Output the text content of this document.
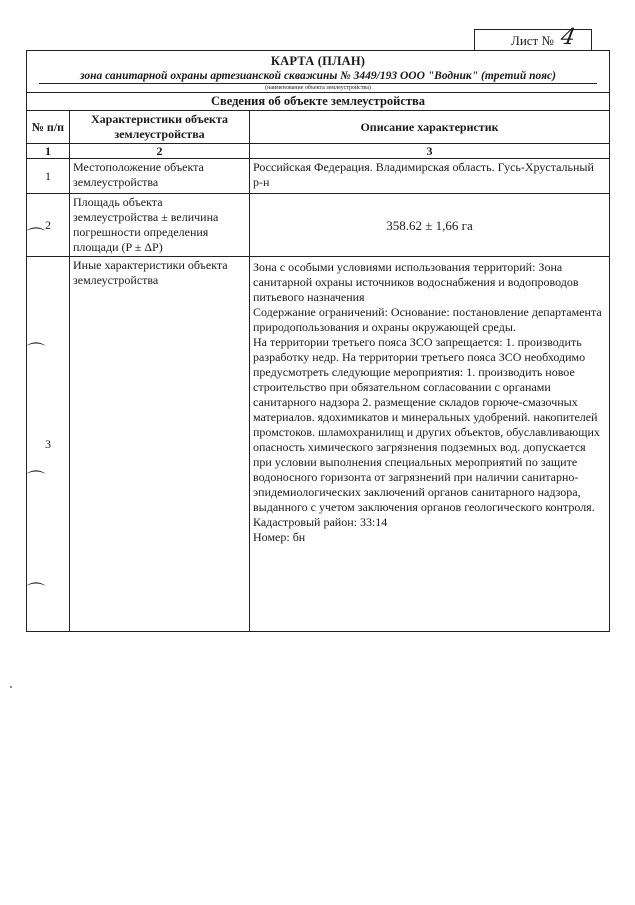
Лист № 4
КАРТА (ПЛАН)
зона санитарной охраны артезианской скважины № 3449/193 ООО "Водник" (третий пояс)
(наименование объекта землеустройства)
Сведения об объекте землеустройства
№ п/п	Характеристики объекта землеустройства	Описание характеристик
1	2	3
1	Местоположение объекта землеустройства	Российская Федерация. Владимирская область. Гусь-Хрустальный р-н
2	Площадь объекта землеустройства ± величина погрешности определения площади (P ± ΔP)	358.62 ± 1,66 га
3	Иные характеристики объекта землеустройства	Зона с особыми условиями использования территорий: Зона санитарной охраны источников водоснабжения и водопроводов питьевого назначения
Содержание ограничений: Основание: постановление департамента природопользования и охраны окружающей среды.
На территории третьего пояса ЗСО запрещается: 1. производить разработку недр. На территории третьего пояса ЗСО необходимо предусмотреть следующие мероприятия: 1. производить новое строительство при обязательном согласовании с органами санитарного надзора 2. размещение складов горюче-смазочных материалов. ядохимикатов и минеральных удобрений. накопителей промстоков. шламохранилищ и других объектов, обуславливающих опасность химического загрязнения подземных вод. допускается при условии выполнения специальных мероприятий по защите водоносного горизонта от загрязнений при наличии санитарно-эпидемиологических заключений органов санитарного надзора, выданного с учетом заключения органов геологического контроля.
Кадастровый район: 33:14
Номер: бн
⌒
⌒
⌒
⌒
